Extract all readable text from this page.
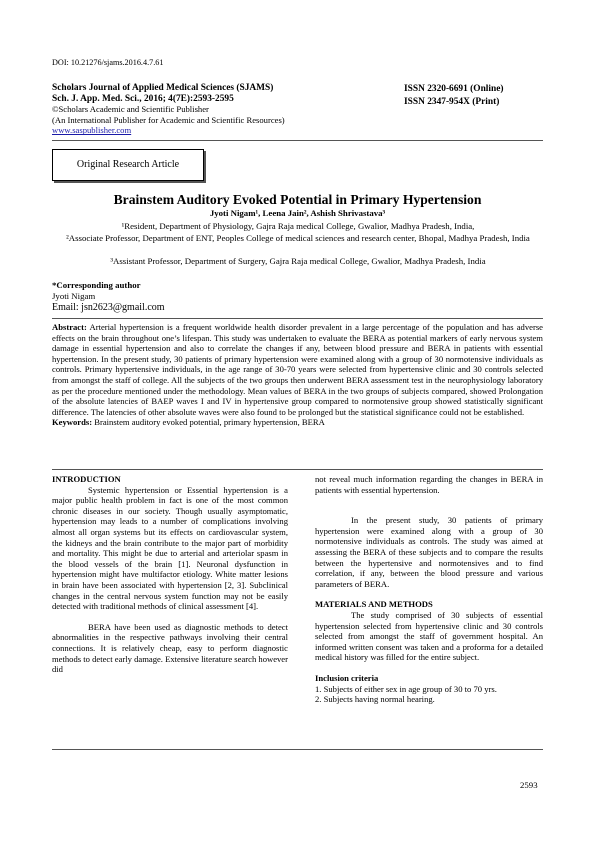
DOI: 10.21276/sjams.2016.4.7.61
Scholars Journal of Applied Medical Sciences (SJAMS)
Sch. J. App. Med. Sci., 2016; 4(7E):2593-2595
©Scholars Academic and Scientific Publisher
(An International Publisher for Academic and Scientific Resources)
www.saspublisher.com
ISSN 2320-6691 (Online)
ISSN 2347-954X (Print)
Original Research Article
Brainstem Auditory Evoked Potential in Primary Hypertension
Jyoti Nigam¹, Leena Jain², Ashish Shrivastava³
¹Resident, Department of Physiology, Gajra Raja medical College, Gwalior, Madhya Pradesh, India,
²Associate Professor, Department of ENT, Peoples College of medical sciences and research center, Bhopal, Madhya Pradesh, India
³Assistant Professor, Department of Surgery, Gajra Raja medical College, Gwalior, Madhya Pradesh, India
*Corresponding author
Jyoti Nigam
Email: jsn2623@gmail.com
Abstract: Arterial hypertension is a frequent worldwide health disorder prevalent in a large percentage of the population and has adverse effects on the brain throughout one’s lifespan. This study was undertaken to evaluate the BERA as potential markers of early nervous system damage in essential hypertension and also to correlate the changes if any, between blood pressure and BERA in patients with essential hypertension. In the present study, 30 patients of primary hypertension were examined along with a group of 30 normotensive individuals as controls. Primary hypertensive individuals, in the age range of 30-70 years were selected from hypertensive clinic and 30 controls selected from amongst the staff of college. All the subjects of the two groups then underwent BERA assessment test in the neurophysiology laboratory as per the procedure mentioned under the methodology. Mean values of BERA in the two groups of subjects compared, showed Prolongation of the absolute latencies of BAEP waves I and IV in hypertensive group compared to normotensive group showed statistically significant difference. The latencies of other absolute waves were also found to be prolonged but the statistical significance could not be established.
Keywords: Brainstem auditory evoked potential, primary hypertension, BERA

INTRODUCTION

Systemic hypertension or Essential hypertension is a major public health problem in fact is one of the most common chronic diseases in our society. Though usually asymptomatic, hypertension may leads to a number of complications involving almost all organ systems but its effects on cardiovascular system, the kidneys and the brain contribute to the major part of morbidity and mortality. This might be due to arterial and arteriolar spasm in the blood vessels of the brain [1]. Neuronal dysfunction in hypertension might have multifactor etiology. White matter lesions in brain have been associated with hypertension [2, 3]. Subclinical changes in the central nervous system function may not be easily detected with traditional methods of clinical assessment [4].

BERA have been used as diagnostic methods to detect abnormalities in the respective pathways involving their central connections. It is relatively cheap, easy to perform diagnostic methods to detect early damage. Extensive literature search however did

not reveal much information regarding the changes in BERA in patients with essential hypertension.

In the present study, 30 patients of primary hypertension were examined along with a group of 30 normotensive individuals as controls. The study was aimed at assessing the BERA of these subjects and to compare the results between the hypertensive and normotensives and to find correlation, if any, between the blood pressure and various parameters of BERA.

MATERIALS AND METHODS

The study comprised of 30 subjects of essential hypertension selected from hypertensive clinic and 30 controls selected from amongst the staff of government hospital. An informed written consent was taken and a proforma for a detailed medical history was filled for the entire subject.

Inclusion criteria

1. Subjects of either sex in age group of 30 to 70 yrs.

2. Subjects having normal hearing.

2593
